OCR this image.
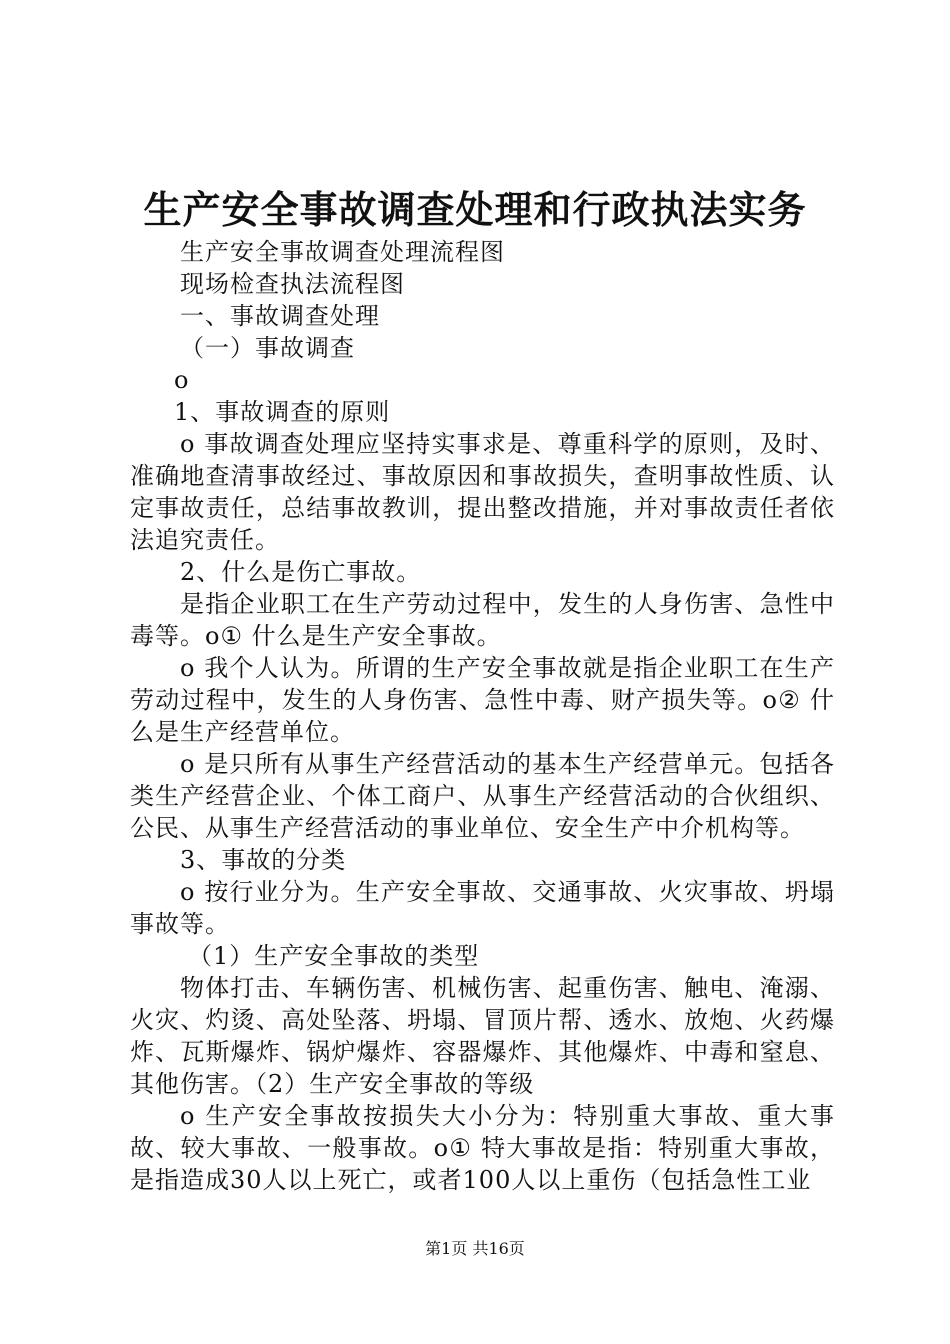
生产安全事故调查处理和行政执法实务

生产安全事故调查处理流程图

现场检查执法流程图

一、事故调查处理

（一）事故调查

o

1、事故调查的原则

o 事故调查处理应坚持实事求是、尊重科学的原则，及时、准确地查清事故经过、事故原因和事故损失，查明事故性质、认定事故责任，总结事故教训，提出整改措施，并对事故责任者依法追究责任。

2、什么是伤亡事故。

是指企业职工在生产劳动过程中，发生的人身伤害、急性中毒等。o① 什么是生产安全事故。

o 我个人认为。所谓的生产安全事故就是指企业职工在生产劳动过程中，发生的人身伤害、急性中毒、财产损失等。o② 什么是生产经营单位。

o 是只所有从事生产经营活动的基本生产经营单元。包括各类生产经营企业、个体工商户、从事生产经营活动的合伙组织、公民、从事生产经营活动的事业单位、安全生产中介机构等。

3、事故的分类

o 按行业分为。生产安全事故、交通事故、火灾事故、坍塌事故等。

（1）生产安全事故的类型

物体打击、车辆伤害、机械伤害、起重伤害、触电、淹溺、火灾、灼烫、高处坠落、坍塌、冒顶片帮、透水、放炮、火药爆炸、瓦斯爆炸、锅炉爆炸、容器爆炸、其他爆炸、中毒和窒息、其他伤害。（2）生产安全事故的等级

o 生产安全事故按损失大小分为：特别重大事故、重大事故、较大事故、一般事故。o① 特大事故是指：特别重大事故，是指造成30人以上死亡，或者100人以上重伤（包括急性工业

第1页 共16页
